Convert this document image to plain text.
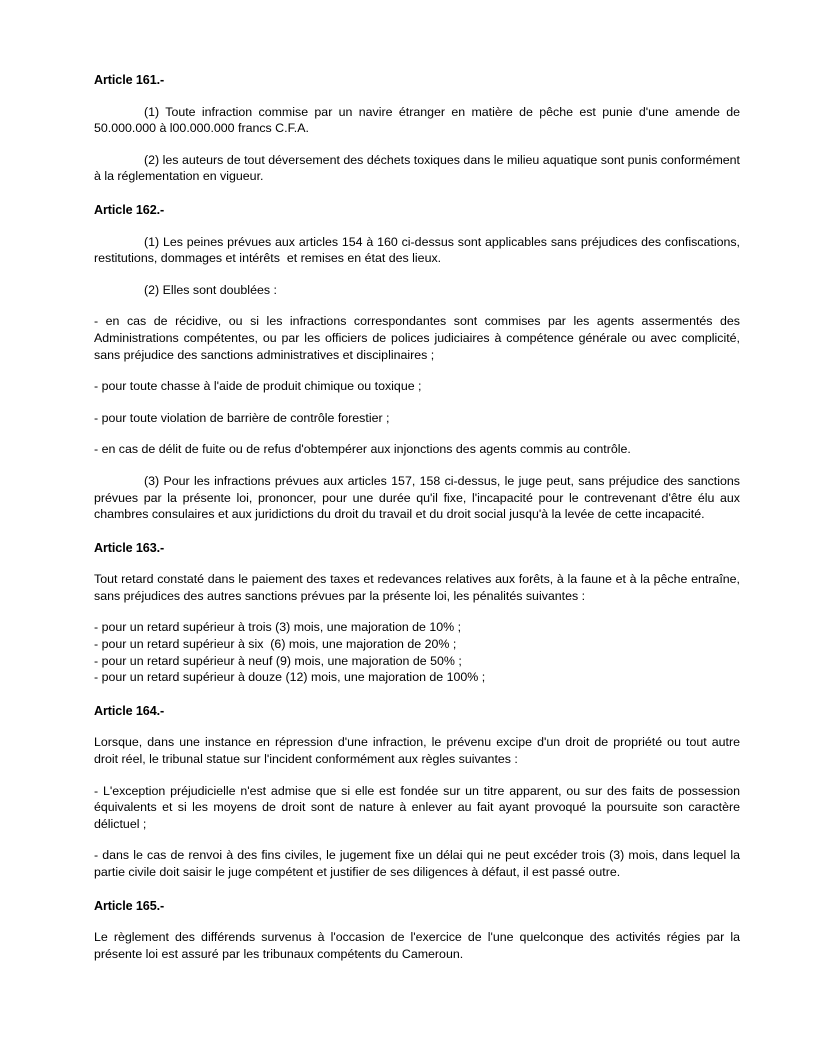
Article 161.-

(1) Toute infraction commise par un navire étranger en matière de pêche est punie d'une amende de 50.000.000 à l00.000.000 francs C.F.A.

(2) les auteurs de tout déversement des déchets toxiques dans le milieu aquatique sont punis conformément à la réglementation en vigueur.

Article 162.-

(1) Les peines prévues aux articles 154 à 160 ci-dessus sont applicables sans préjudices des confiscations, restitutions, dommages et intérêts  et remises en état des lieux.

(2) Elles sont doublées :

- en cas de récidive, ou si les infractions correspondantes sont commises par les agents assermentés des Administrations compétentes, ou par les officiers de polices judiciaires à compétence générale ou avec complicité, sans préjudice des sanctions administratives et disciplinaires ;

- pour toute chasse à l'aide de produit chimique ou toxique ;

- pour toute violation de barrière de contrôle forestier ;

- en cas de délit de fuite ou de refus d'obtempérer aux injonctions des agents commis au contrôle.

(3) Pour les infractions prévues aux articles 157, 158 ci-dessus, le juge peut, sans préjudice des sanctions prévues par la présente loi, prononcer, pour une durée qu'il fixe, l'incapacité pour le contrevenant d'être élu aux chambres consulaires et aux juridictions du droit du travail et du droit social jusqu'à la levée de cette incapacité.

Article 163.-

Tout retard constaté dans le paiement des taxes et redevances relatives aux forêts, à la faune et à la pêche entraîne, sans préjudices des autres sanctions prévues par la présente loi, les pénalités suivantes :

- pour un retard supérieur à trois (3) mois, une majoration de 10% ;

- pour un retard supérieur à six  (6) mois, une majoration de 20% ;

- pour un retard supérieur à neuf (9) mois, une majoration de 50% ;

- pour un retard supérieur à douze (12) mois, une majoration de 100% ;

Article 164.-

Lorsque, dans une instance en répression d'une infraction, le prévenu excipe d'un droit de propriété ou tout autre droit réel, le tribunal statue sur l'incident conformément aux règles suivantes :

- L'exception préjudicielle n'est admise que si elle est fondée sur un titre apparent, ou sur des faits de possession équivalents et si les moyens de droit sont de nature à enlever au fait ayant provoqué la poursuite son caractère délictuel ;

- dans le cas de renvoi à des fins civiles, le jugement fixe un délai qui ne peut excéder trois (3) mois, dans lequel la partie civile doit saisir le juge compétent et justifier de ses diligences à défaut, il est passé outre.

Article 165.-

Le règlement des différends survenus à l'occasion de l'exercice de l'une quelconque des activités régies par la présente loi est assuré par les tribunaux compétents du Cameroun.
